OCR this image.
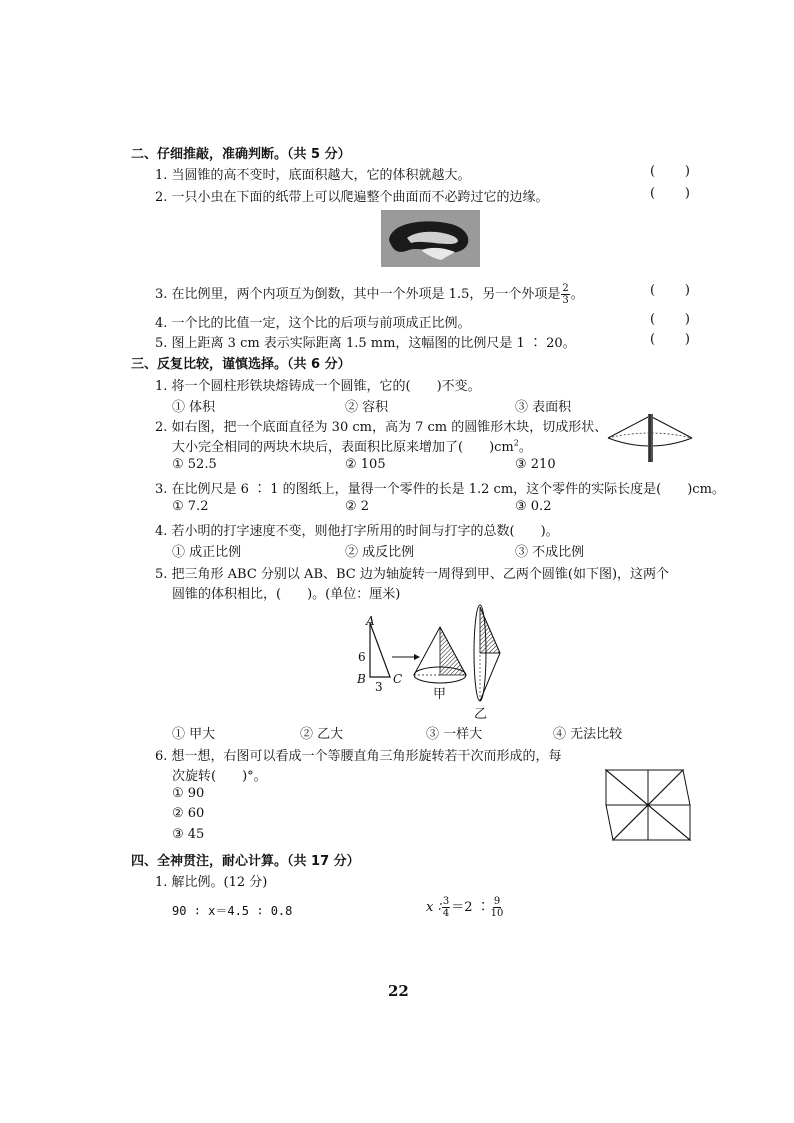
二、仔细推敲，准确判断。（共 5 分）
1. 当圆锥的高不变时，底面积越大，它的体积就越大。	( )
2. 一只小虫在下面的纸带上可以爬遍整个曲面而不必跨过它的边缘。	( )
3. 在比例里，两个内项互为倒数，其中一个外项是 1.5，另一个外项是 $\frac{2}{3}$ 。	( )
4. 一个比的比值一定，这个比的后项与前项成正比例。	( )
5. 图上距离 3 cm 表示实际距离 1.5 mm，这幅图的比例尺是 1 ∶ 20。	( )
三、反复比较，谨慎选择。（共 6 分）
1. 将一个圆柱形铁块熔铸成一个圆锥，它的(　　)不变。
① 体积	② 容积	③ 表面积
2. 如右图，把一个底面直径为 30 cm，高为 7 cm 的圆锥形木块，切成形状、
大小完全相同的两块木块后，表面积比原来增加了(　　)$cm^2$。
① 52.5	② 105	③ 210
3. 在比例尺是 6 ∶ 1 的图纸上，量得一个零件的长是 1.2 cm，这个零件的实际长度是(　　)cm。
① 7.2	② 2	③ 0.2
4. 若小明的打字速度不变，则他打字所用的时间与打字的总数(　　)。
① 成正比例	② 成反比例	③ 不成比例
5. 把三角形 ABC 分别以 AB、BC 边为轴旋转一周得到甲、乙两个圆锥(如下图)，这两个
圆锥的体积相比，(　　)。(单位：厘米)
A
6
B
3
C
甲
乙
① 甲大	② 乙大	③ 一样大	④ 无法比较
6. 想一想，右图可以看成一个等腰直角三角形旋转若干次而形成的，每
次旋转(　　)°。
① 90
② 60
③ 45
四、全神贯注，耐心计算。（共 17 分）
1. 解比例。(12 分)
90 ∶ x＝4.5 ∶ 0.8	x ∶ $\frac{3}{4} =2$ ∶ $\frac{9}{10}$
22
